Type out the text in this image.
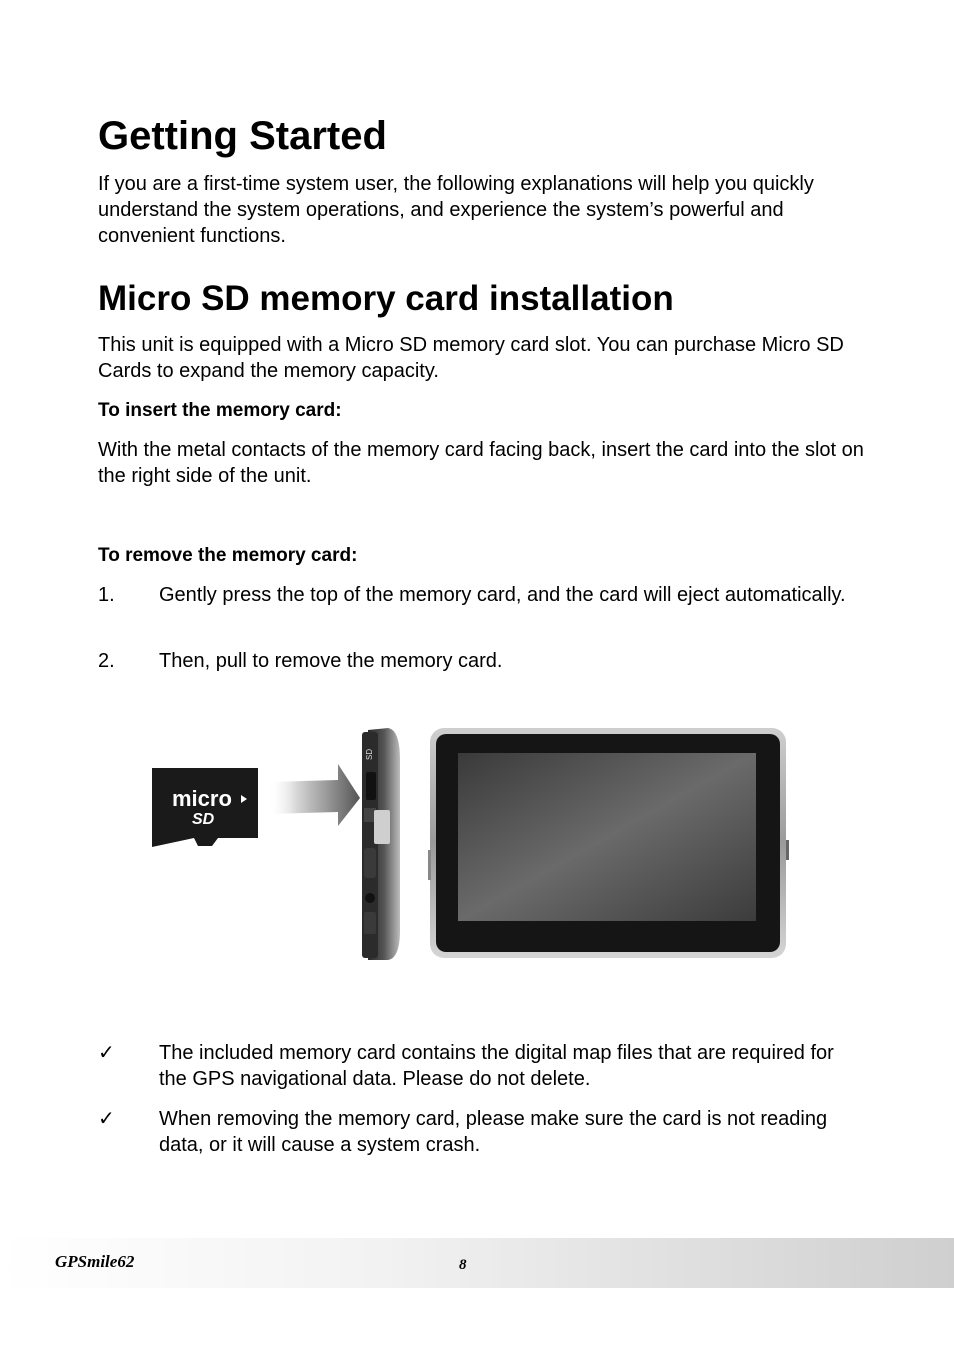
Getting Started

If you are a first-time system user, the following explanations will help you quickly understand the system operations, and experience the system’s powerful and convenient functions.

Micro SD memory card installation

This unit is equipped with a Micro SD memory card slot. You can purchase Micro SD Cards to expand the memory capacity.

To insert the memory card:

With the metal contacts of the memory card facing back, insert the card into the slot on the right side of the unit.

To remove the memory card:
1. Gently press the top of the memory card, and the card will eject automatically.
2. Then, pull to remove the memory card.
✓ The included memory card contains the digital map files that are required for the GPS navigational data. Please do not delete.
✓ When removing the memory card, please make sure the card is not reading data, or it will cause a system crash.
micro
SD
SD
GPSmile62	8
